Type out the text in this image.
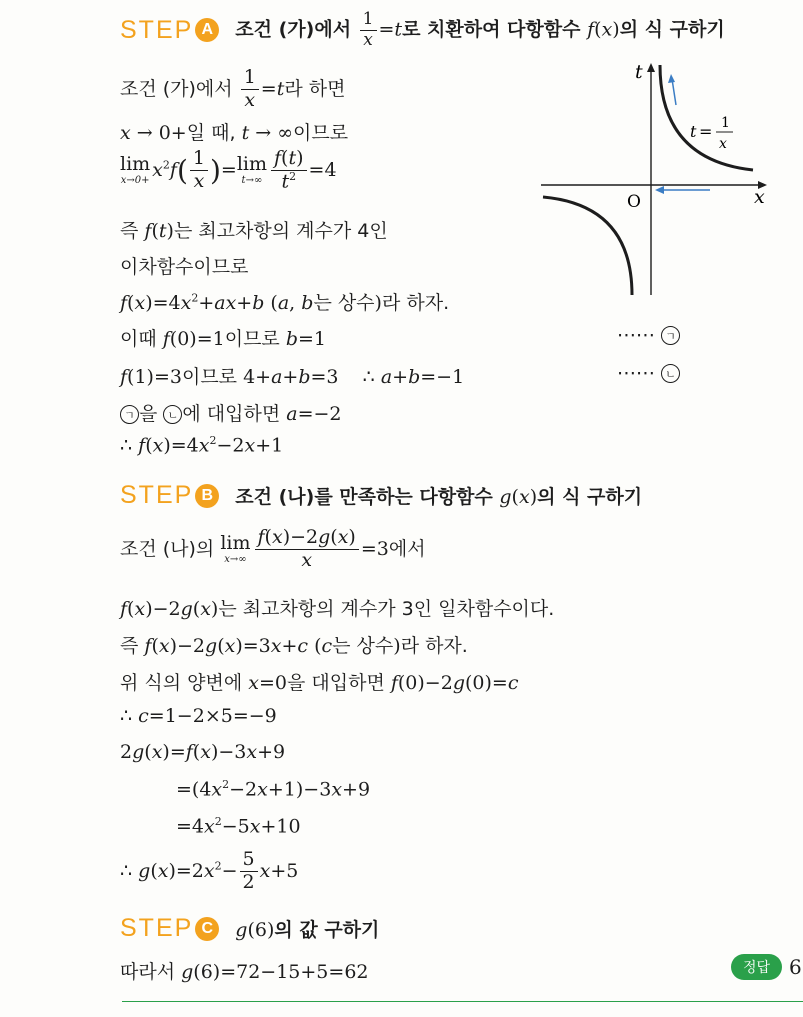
STEP A	조건 (가)에서 $\frac{1}{x} =t$로 치환하여 다항함수 f(x)의 식 구하기
조건 (가)에서 $\frac{1}{x} =t$라 하면
x → 0+일 때, t → ∞이므로
lim
$x\to 0+ x^2f( \frac{1}{x}$ )= lim
$t\to\infty \frac{f(t)}{t^2} =4$
즉 f(t)는 최고차항의 계수가 4인
이차함수이므로
$f(x)=4x^2+ax+b$ (a, b는 상수)라 하자.
이때 f(0)=1이므로 b=1	⋯⋯ ㄱ
f(1)=3이므로 4+a+b=3    ∴ a+b=−1	⋯⋯ ㄴ
ㄱ 을 ㄴ 에 대입하면 a=−2
∴ $f(x)=4x^2-2x+1$
t
x
O
t = 1
x
STEP B	조건 (나)를 만족하는 다항함수 g(x)의 식 구하기
조건 (나)의 lim
$x\to\infty \frac{f(x)-2g(x)}{x} =3$에서
f(x)−2g(x)는 최고차항의 계수가 3인 일차함수이다.
즉 f(x)−2g(x)=3x+c (c는 상수)라 하자.
위 식의 양변에 x=0을 대입하면 f(0)−2g(0)=c
∴ c=1−2×5=−9
2g(x)=f(x)−3x+9
$=(4x^2-2x+1)-3x+9$
$=4x^2-5x+10$
∴ $g(x)=2x^2- \frac{5}{2} x+5$
STEP C	g(6)의 값 구하기
따라서 g(6)=72−15+5=62	정답 6
